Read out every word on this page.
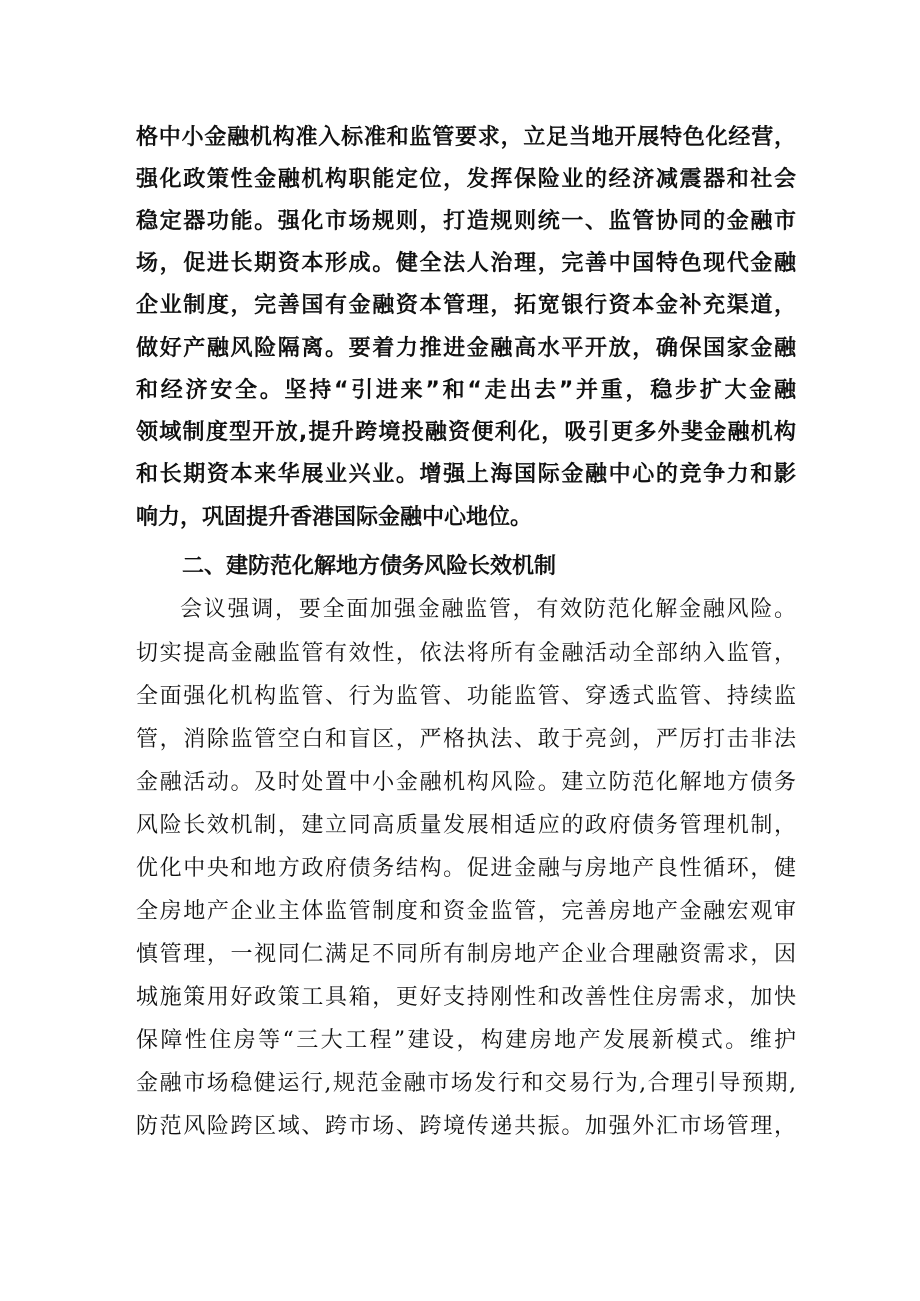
格中小金融机构准入标准和监管要求，立足当地开展特色化经营，
强化政策性金融机构职能定位，发挥保险业的经济减震器和社会
稳定器功能。强化市场规则，打造规则统一、监管协同的金融市
场，促进长期资本形成。健全法人治理，完善中国特色现代金融
企业制度，完善国有金融资本管理，拓宽银行资本金补充渠道，
做好产融风险隔离。要着力推进金融高水平开放，确保国家金融
和经济安全。坚持“引进来”和“走出去”并重，稳步扩大金融
领域制度型开放,提升跨境投融资便利化，吸引更多外斐金融机构
和长期资本来华展业兴业。增强上海国际金融中心的竞争力和影
响力，巩固提升香港国际金融中心地位。
二、建防范化解地方债务风险长效机制
会议强调，要全面加强金融监管，有效防范化解金融风险。
切实提高金融监管有效性，依法将所有金融活动全部纳入监管，
全面强化机构监管、行为监管、功能监管、穿透式监管、持续监
管，消除监管空白和盲区，严格执法、敢于亮剑，严厉打击非法
金融活动。及时处置中小金融机构风险。建立防范化解地方债务
风险长效机制，建立同高质量发展相适应的政府债务管理机制，
优化中央和地方政府债务结构。促进金融与房地产良性循环，健
全房地产企业主体监管制度和资金监管，完善房地产金融宏观审
慎管理，一视同仁满足不同所有制房地产企业合理融资需求，因
城施策用好政策工具箱，更好支持刚性和改善性住房需求，加快
保障性住房等“三大工程”建设，构建房地产发展新模式。维护
金融市场稳健运行,规范金融市场发行和交易行为,合理引导预期,
防范风险跨区域、跨市场、跨境传递共振。加强外汇市场管理，
